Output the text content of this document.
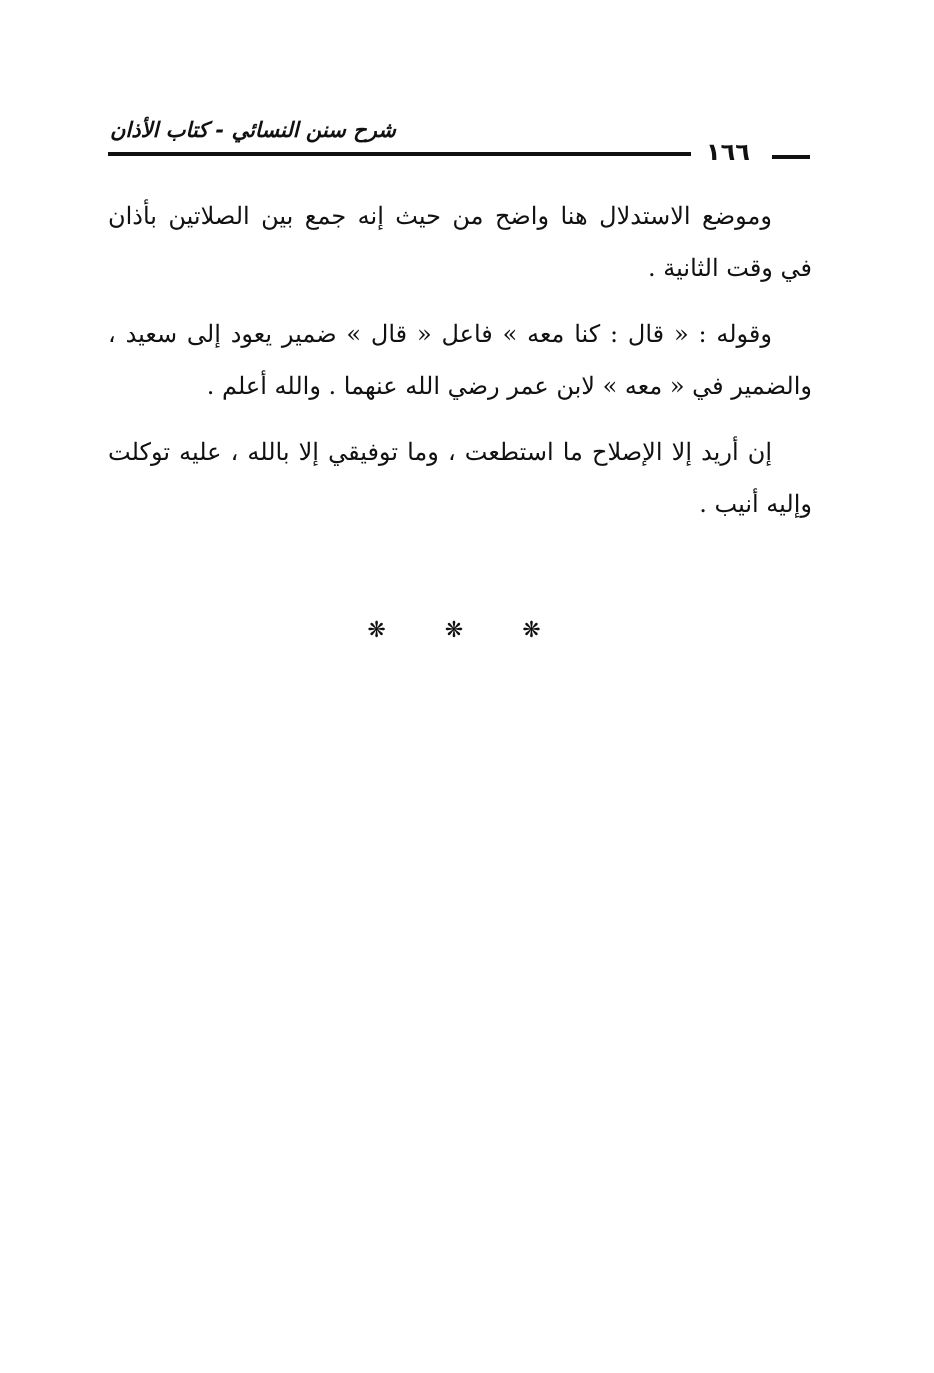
شرح سنن النسائي - كتاب الأذان
١٦٦

وموضع الاستدلال هنا واضح من حيث إنه جمع بين الصلاتين بأذان في وقت الثانية .

وقوله : « قال : كنا معه » فاعل « قال » ضمير يعود إلى سعيد ، والضمير في « معه » لابن عمر رضي الله عنهما . والله أعلم .

إن أريد إلا الإصلاح ما استطعت ، وما توفيقي إلا بالله ، عليه توكلت وإليه أنيب .

❋ ❋ ❋
